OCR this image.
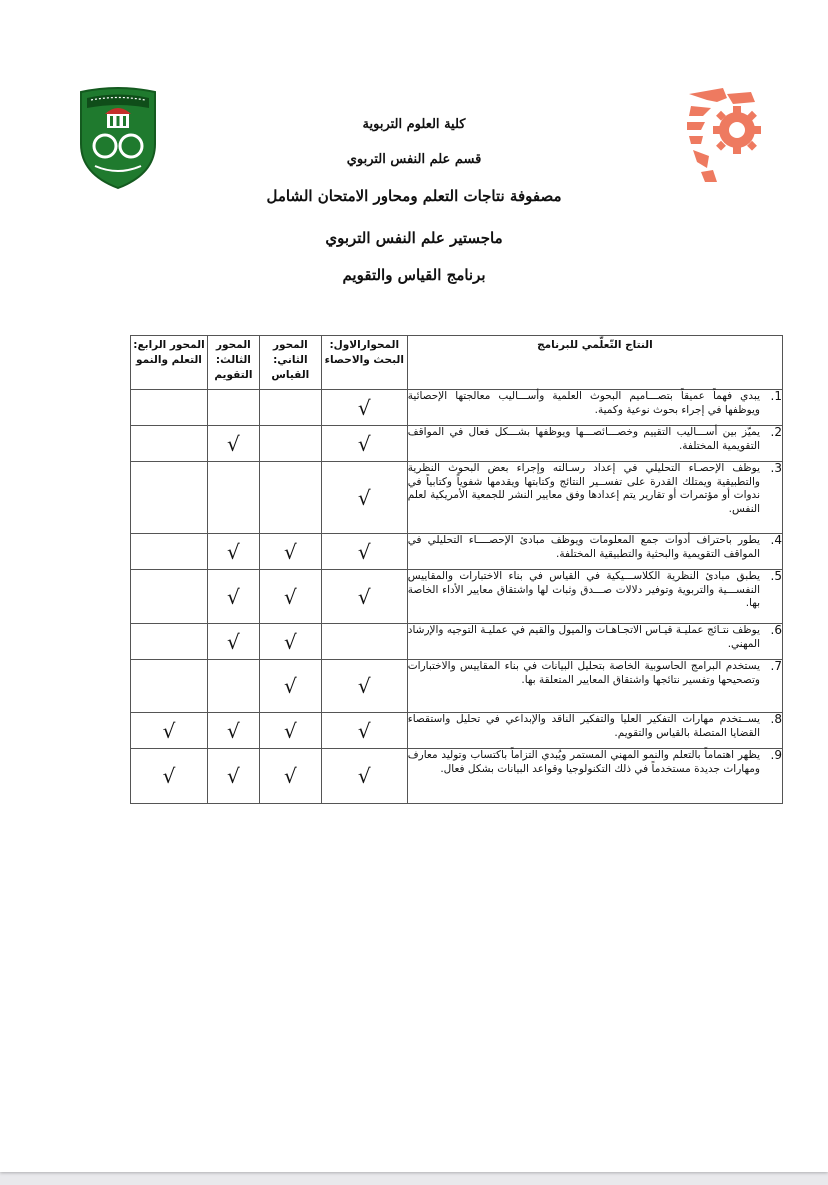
كلية العلوم التربوية
قسم علم النفس التربوي
مصفوفة نتاجات التعلم ومحاور الامتحان الشامل
ماجستير علم النفس التربوي
برنامج القياس والتقويم
النتاج التّعلّمي للبرنامج	المحوارالاول: البحث والاحصاء	المحور الثاني: القياس	المحور الثالث: التقويم	المحور الرابع: التعلم والنمو

1.
يبدي فهماً عميقاً بتصـــاميم البحوث العلمية وأســـاليب معالجتها الإحصائية ويوظفها في إجراء بحوث نوعية وكمية.	√			

2.
يميّز بين أســـاليب التقييم وخصـــائصـــها ويوظفها بشـــكل فعال في المواقف التقويمية المختلفة.	√		√	

3.
يوظف الإحصـاء التحليلي في إعداد رسـالته وإجراء بعض البحوث النظرية والتطبيقية ويمتلك القدرة على تفســير النتائج وكتابتها ويقدمها شفوياً وكتابياً في ندوات أو مؤتمرات أو تقارير يتم إعدادها وفق معايير النشر للجمعية الأمريكية لعلم النفس.	√			

4.
يطور باحتراف أدوات جمع المعلومات ويوظف مبادئ الإحصــــاء التحليلي في المواقف التقويمية والبحثية والتطبيقية المختلفة.	√	√	√	

5.
يطبق مبادئ النظرية الكلاســـيكية في القياس في بناء الاختبارات والمقاييس النفســـية والتربوية وتوفير دلالات صـــدق وثبات لها واشتقاق معايير الأداء الخاصة بها.	√	√	√	

6.
يوظف نتـائج عمليـة قيـاس الاتجـاهـات والميول والقيم في عمليـة التوجيه والإرشاد المهني.		√	√	

7.
يستخدم البرامج الحاسوبية الخاصة بتحليل البيانات في بناء المقاييس والاختبارات وتصحيحها وتفسير نتائجها واشتقاق المعايير المتعلقة بها.	√	√		

8.
يســتخدم مهارات التفكير العليا والتفكير الناقد والإبداعي في تحليل واستقصاء القضايا المتصلة بالقياس والتقويم.	√	√	√	√

9.
يظهر اهتماماً بالتعلم والنمو المهني المستمر ويُبدي التزاماً باكتساب وتوليد معارف ومهارات جديدة مستخدماً في ذلك التكنولوجيا وقواعد البيانات بشكل فعال.	√	√	√	√
